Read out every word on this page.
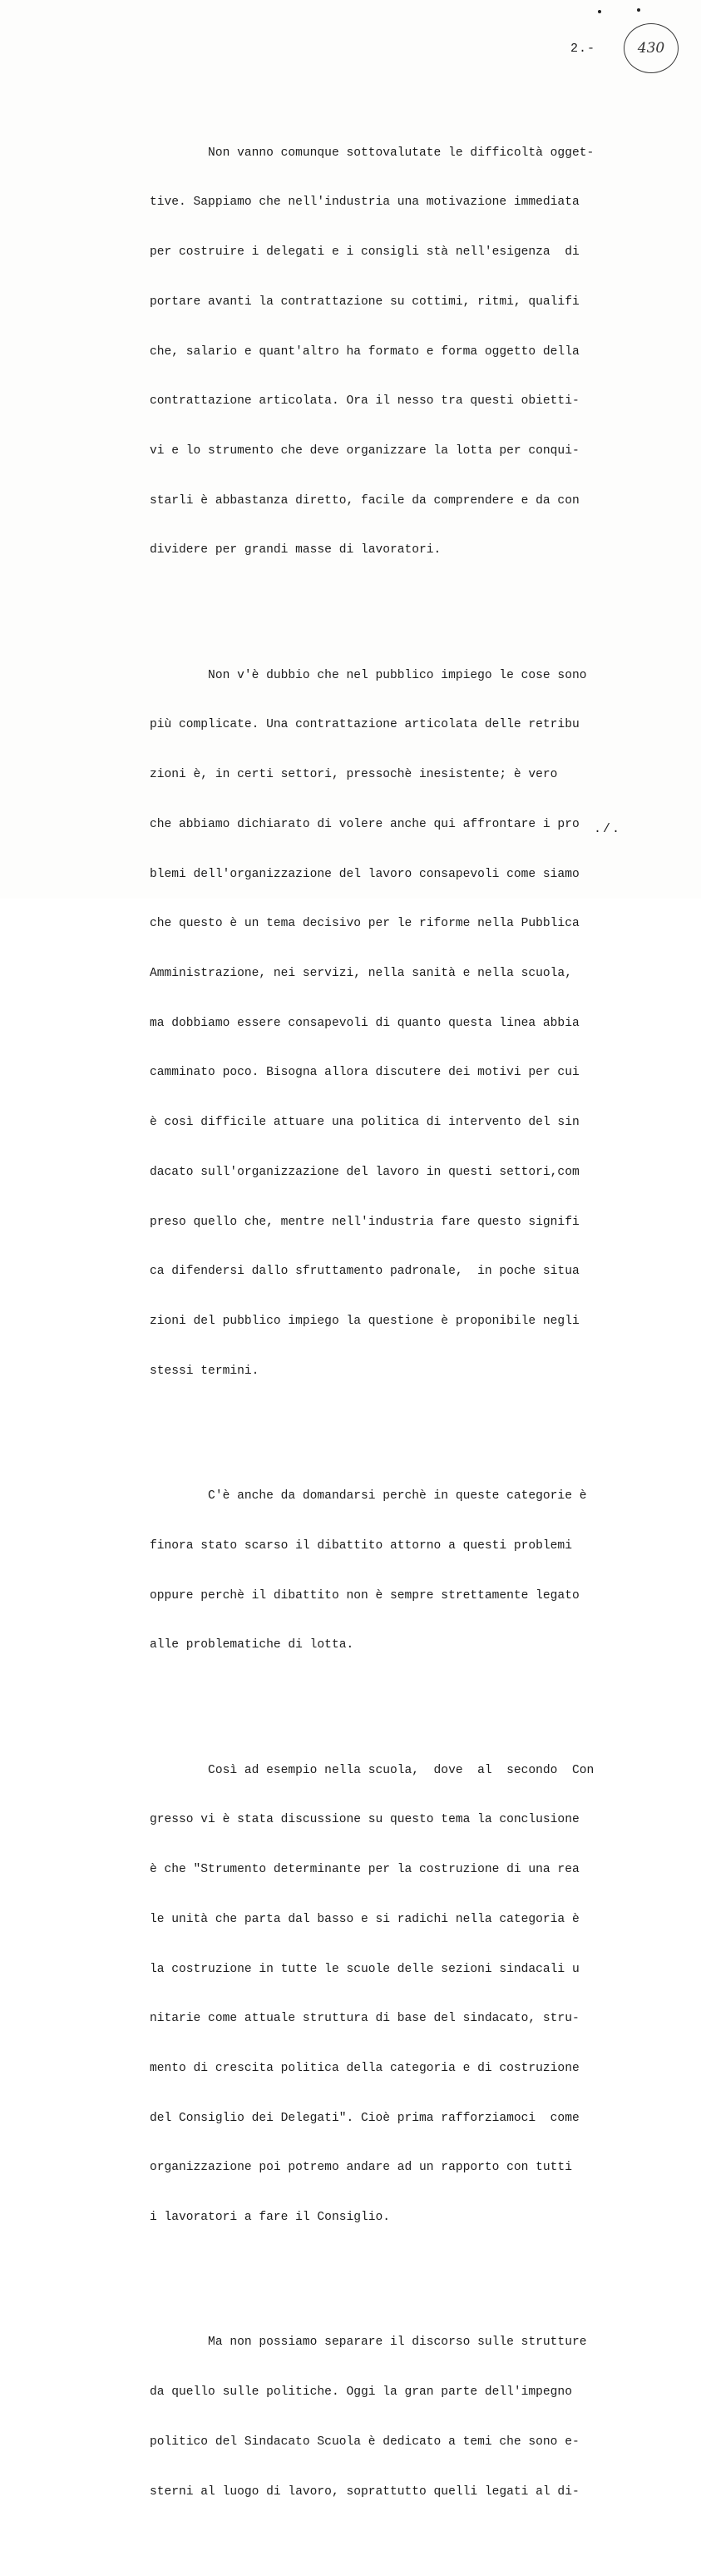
2.-	430

Non vanno comunque sottovalutate le difficoltà ogget-

tive. Sappiamo che nell'industria una motivazione immediata

per costruire i delegati e i consigli stà nell'esigenza  di

portare avanti la contrattazione su cottimi, ritmi, qualifi

che, salario e quant'altro ha formato e forma oggetto della

contrattazione articolata. Ora il nesso tra questi obietti-

vi e lo strumento che deve organizzare la lotta per conqui-

starli è abbastanza diretto, facile da comprendere e da con

dividere per grandi masse di lavoratori.

Non v'è dubbio che nel pubblico impiego le cose sono

più complicate. Una contrattazione articolata delle retribu

zioni è, in certi settori, pressochè inesistente; è vero

che abbiamo dichiarato di volere anche qui affrontare i pro

blemi dell'organizzazione del lavoro consapevoli come siamo

che questo è un tema decisivo per le riforme nella Pubblica

Amministrazione, nei servizi, nella sanità e nella scuola,

ma dobbiamo essere consapevoli di quanto questa linea abbia

camminato poco. Bisogna allora discutere dei motivi per cui

è così difficile attuare una politica di intervento del sin

dacato sull'organizzazione del lavoro in questi settori,com

preso quello che, mentre nell'industria fare questo signifi

ca difendersi dallo sfruttamento padronale,  in poche situa

zioni del pubblico impiego la questione è proponibile negli

stessi termini.

C'è anche da domandarsi perchè in queste categorie è

finora stato scarso il dibattito attorno a questi problemi

oppure perchè il dibattito non è sempre strettamente legato

alle problematiche di lotta.

Così ad esempio nella scuola,  dove  al  secondo  Con

gresso vi è stata discussione su questo tema la conclusione

è che "Strumento determinante per la costruzione di una rea

le unità che parta dal basso e si radichi nella categoria è

la costruzione in tutte le scuole delle sezioni sindacali u

nitarie come attuale struttura di base del sindacato, stru-

mento di crescita politica della categoria e di costruzione

del Consiglio dei Delegati". Cioè prima rafforziamoci  come

organizzazione poi potremo andare ad un rapporto con tutti

i lavoratori a fare il Consiglio.

Ma non possiamo separare il discorso sulle strutture

da quello sulle politiche. Oggi la gran parte dell'impegno

politico del Sindacato Scuola è dedicato a temi che sono e-

sterni al luogo di lavoro, soprattutto quelli legati al di-

./.
